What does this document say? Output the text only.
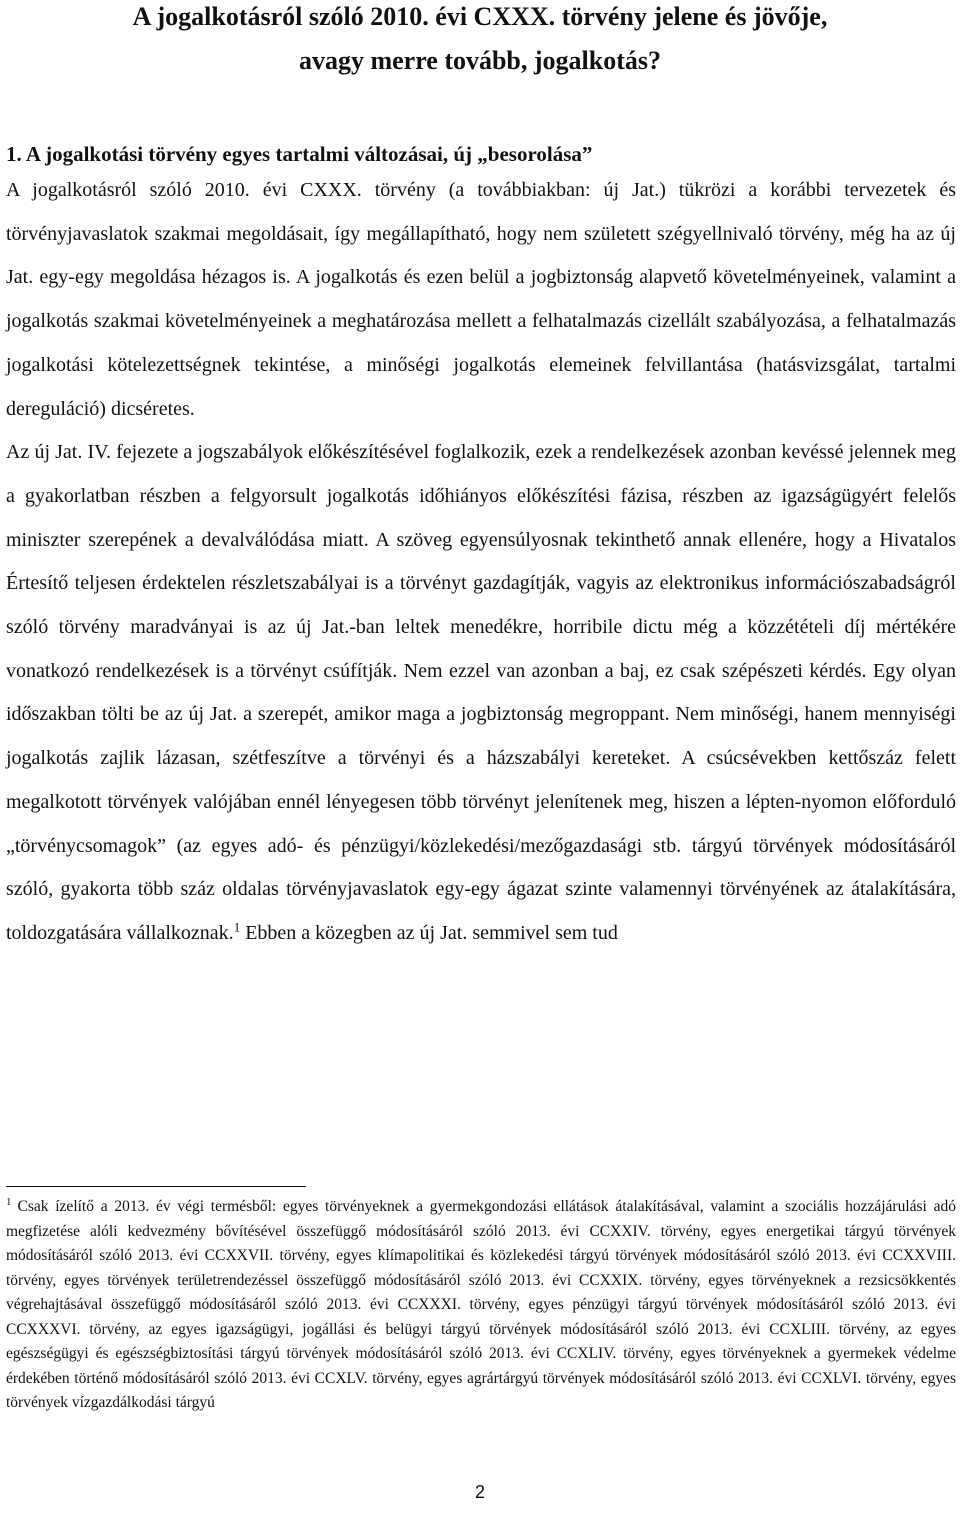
A jogalkotásról szóló 2010. évi CXXX. törvény jelene és jövője,
avagy merre tovább, jogalkotás?
1. A jogalkotási törvény egyes tartalmi változásai, új „besorolása”

A jogalkotásról szóló 2010. évi CXXX. törvény (a továbbiakban: új Jat.) tükrözi a korábbi tervezetek és törvényjavaslatok szakmai megoldásait, így megállapítható, hogy nem született szégyellnivaló törvény, még ha az új Jat. egy-egy megoldása hézagos is. A jogalkotás és ezen belül a jogbiztonság alapvető követelményeinek, valamint a jogalkotás szakmai követelményeinek a meghatározása mellett a felhatalmazás cizellált szabályozása, a felhatalmazás jogalkotási kötelezettségnek tekintése, a minőségi jogalkotás elemeinek felvillantása (hatásvizsgálat, tartalmi dereguláció) dicséretes.

Az új Jat. IV. fejezete a jogszabályok előkészítésével foglalkozik, ezek a rendelkezések azonban kevéssé jelennek meg a gyakorlatban részben a felgyorsult jogalkotás időhiányos előkészítési fázisa, részben az igazságügyért felelős miniszter szerepének a devalválódása miatt. A szöveg egyensúlyosnak tekinthető annak ellenére, hogy a Hivatalos Értesítő teljesen érdektelen részletszabályai is a törvényt gazdagítják, vagyis az elektronikus információszabadságról szóló törvény maradványai is az új Jat.-ban leltek menedékre, horribile dictu még a közzétételi díj mértékére vonatkozó rendelkezések is a törvényt csúfítják. Nem ezzel van azonban a baj, ez csak szépészeti kérdés. Egy olyan időszakban tölti be az új Jat. a szerepét, amikor maga a jogbiztonság megroppant. Nem minőségi, hanem mennyiségi jogalkotás zajlik lázasan, szétfeszítve a törvényi és a házszabályi kereteket. A csúcsévekben kettőszáz felett megalkotott törvények valójában ennél lényegesen több törvényt jelenítenek meg, hiszen a lépten-nyomon előforduló „törvénycsomagok” (az egyes adó- és pénzügyi/közlekedési/mezőgazdasági stb. tárgyú törvények módosításáról szóló, gyakorta több száz oldalas törvényjavaslatok egy-egy ágazat szinte valamennyi törvényének az átalakítására, toldozgatására vállalkoznak.$^1$ Ebben a közegben az új Jat. semmivel sem tud

$^1$ Csak ízelítő a 2013. év végi termésből: egyes törvényeknek a gyermekgondozási ellátások átalakításával, valamint a szociális hozzájárulási adó megfizetése alóli kedvezmény bővítésével összefüggő módosításáról szóló 2013. évi CCXXIV. törvény, egyes energetikai tárgyú törvények módosításáról szóló 2013. évi CCXXVII. törvény, egyes klímapolitikai és közlekedési tárgyú törvények módosításáról szóló 2013. évi CCXXVIII. törvény, egyes törvények területrendezéssel összefüggő módosításáról szóló 2013. évi CCXXIX. törvény, egyes törvényeknek a rezsicsökkentés végrehajtásával összefüggő módosításáról szóló 2013. évi CCXXXI. törvény, egyes pénzügyi tárgyú törvények módosításáról szóló 2013. évi CCXXXVI. törvény, az egyes igazságügyi, jogállási és belügyi tárgyú törvények módosításáról szóló 2013. évi CCXLIII. törvény, az egyes egészségügyi és egészségbiztosítási tárgyú törvények módosításáról szóló 2013. évi CCXLIV. törvény, egyes törvényeknek a gyermekek védelme érdekében történő módosításáról szóló 2013. évi CCXLV. törvény, egyes agrártárgyú törvények módosításáról szóló 2013. évi CCXLVI. törvény, egyes törvények vízgazdálkodási tárgyú

2
